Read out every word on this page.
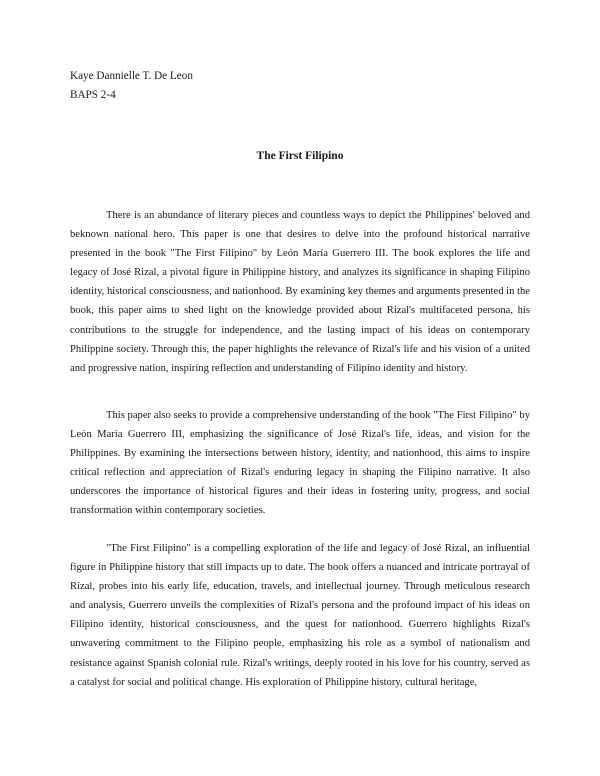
Kaye Dannielle T. De Leon
BAPS 2-4
The First Filipino

There is an abundance of literary pieces and countless ways to depict the Philippines' beloved and beknown national hero. This paper is one that desires to delve into the profound historical narrative presented in the book "The First Filipino" by León María Guerrero III. The book explores the life and legacy of José Rizal, a pivotal figure in Philippine history, and analyzes its significance in shaping Filipino identity, historical consciousness, and nationhood. By examining key themes and arguments presented in the book, this paper aims to shed light on the knowledge provided about Rizal's multifaceted persona, his contributions to the struggle for independence, and the lasting impact of his ideas on contemporary Philippine society. Through this, the paper highlights the relevance of Rizal's life and his vision of a united and progressive nation, inspiring reflection and understanding of Filipino identity and history.

This paper also seeks to provide a comprehensive understanding of the book "The First Filipino" by León María Guerrero III, emphasizing the significance of José Rizal's life, ideas, and vision for the Philippines. By examining the intersections between history, identity, and nationhood, this aims to inspire critical reflection and appreciation of Rizal's enduring legacy in shaping the Filipino narrative. It also underscores the importance of historical figures and their ideas in fostering unity, progress, and social transformation within contemporary societies.

"The First Filipino" is a compelling exploration of the life and legacy of José Rizal, an influential figure in Philippine history that still impacts up to date. The book offers a nuanced and intricate portrayal of Rizal, probes into his early life, education, travels, and intellectual journey. Through meticulous research and analysis, Guerrero unveils the complexities of Rizal's persona and the profound impact of his ideas on Filipino identity, historical consciousness, and the quest for nationhood. Guerrero highlights Rizal's unwavering commitment to the Filipino people, emphasizing his role as a symbol of nationalism and resistance against Spanish colonial rule. Rizal's writings, deeply rooted in his love for his country, served as a catalyst for social and political change. His exploration of Philippine history, cultural heritage,
